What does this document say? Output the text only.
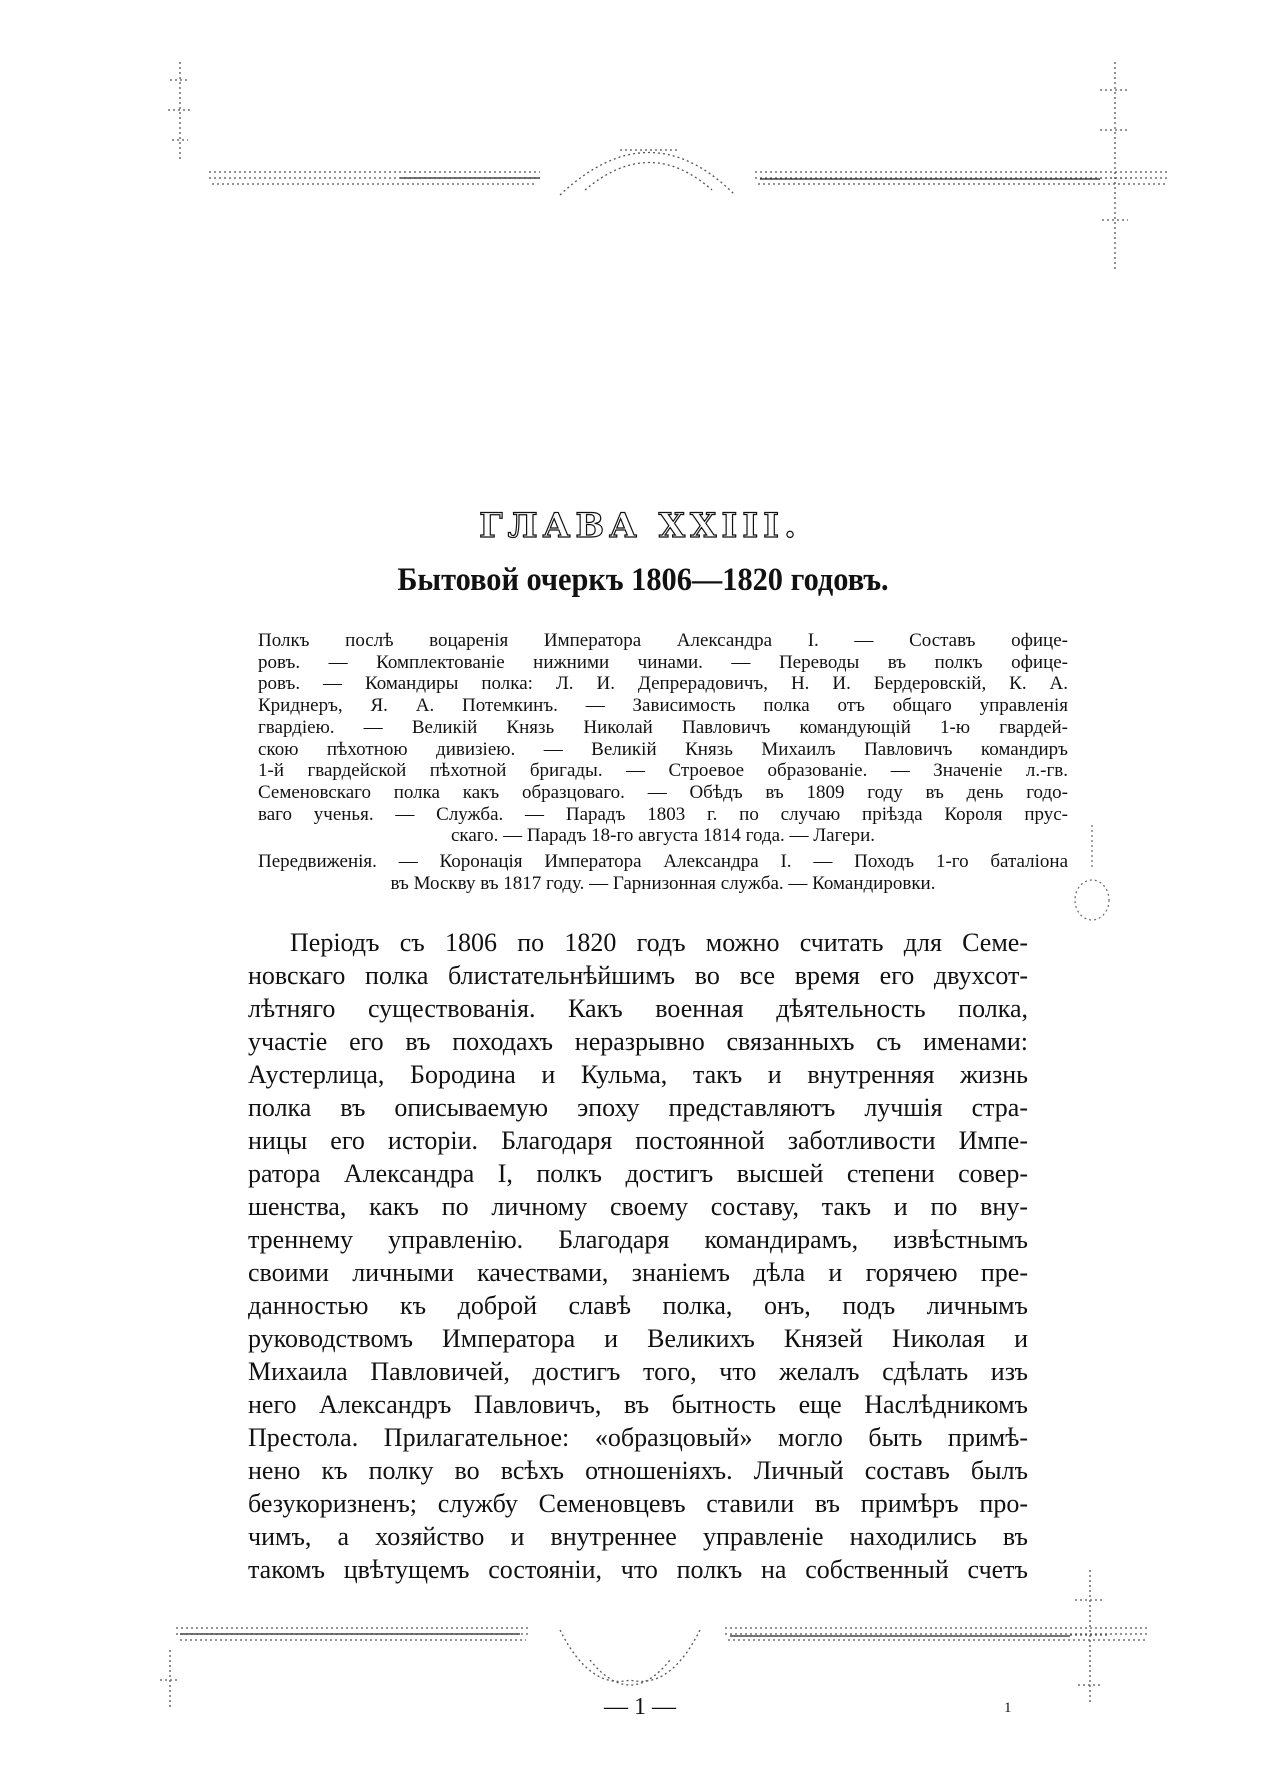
ГЛАВА XXIII.
Бытовой очеркъ 1806—1820 годовъ.
Полкъ послѣ воцаренія Императора Александра I. — Составъ офице-
ровъ. — Комплектованіе нижними чинами. — Переводы въ полкъ офице-
ровъ. — Командиры полка: Л. И. Депрерадовичъ, Н. И. Бердеровскій, К. А.
Криднеръ, Я. А. Потемкинъ. — Зависимость полка отъ общаго управленія
гвардіею. — Великій Князь Николай Павловичъ командующій 1-ю гвардей-
скою пѣхотною дивизіею. — Великій Князь Михаилъ Павловичъ командиръ
1-й гвардейской пѣхотной бригады. — Строевое образованіе. — Значеніе л.-гв.
Семеновскаго полка какъ образцоваго. — Обѣдъ въ 1809 году въ день годо-
ваго ученья. — Служба. — Парадъ 1803 г. по случаю пріѣзда Короля прус-
скаго. — Парадъ 18-го августа 1814 года. — Лагери.
Передвиженія. — Коронація Императора Александра I. — Походъ 1-го баталіона
въ Москву въ 1817 году. — Гарнизонная служба. — Командировки.
Періодъ съ 1806 по 1820 годъ можно считать для Семе-
новскаго полка блистательнѣйшимъ во все время его двухсот-
лѣтняго существованія. Какъ военная дѣятельность полка,
участіе его въ походахъ неразрывно связанныхъ съ именами:
Аустерлица, Бородина и Кульма, такъ и внутренняя жизнь
полка въ описываемую эпоху представляютъ лучшія стра-
ницы его исторіи. Благодаря постоянной заботливости Импе-
ратора Александра I, полкъ достигъ высшей степени совер-
шенства, какъ по личному своему составу, такъ и по вну-
треннему управленію. Благодаря командирамъ, извѣстнымъ
своими личными качествами, знаніемъ дѣла и горячею пре-
данностью къ доброй славѣ полка, онъ, подъ личнымъ
руководствомъ Императора и Великихъ Князей Николая и
Михаила Павловичей, достигъ того, что желалъ сдѣлать изъ
него Александръ Павловичъ, въ бытность еще Наслѣдникомъ
Престола. Прилагательное: «образцовый» могло быть примѣ-
нено къ полку во всѣхъ отношеніяхъ. Личный составъ былъ
безукоризненъ; службу Семеновцевъ ставили въ примѣръ про-
чимъ, а хозяйство и внутреннее управленіе находились въ
такомъ цвѣтущемъ состояніи, что полкъ на собственный счетъ
— 1 —	1
